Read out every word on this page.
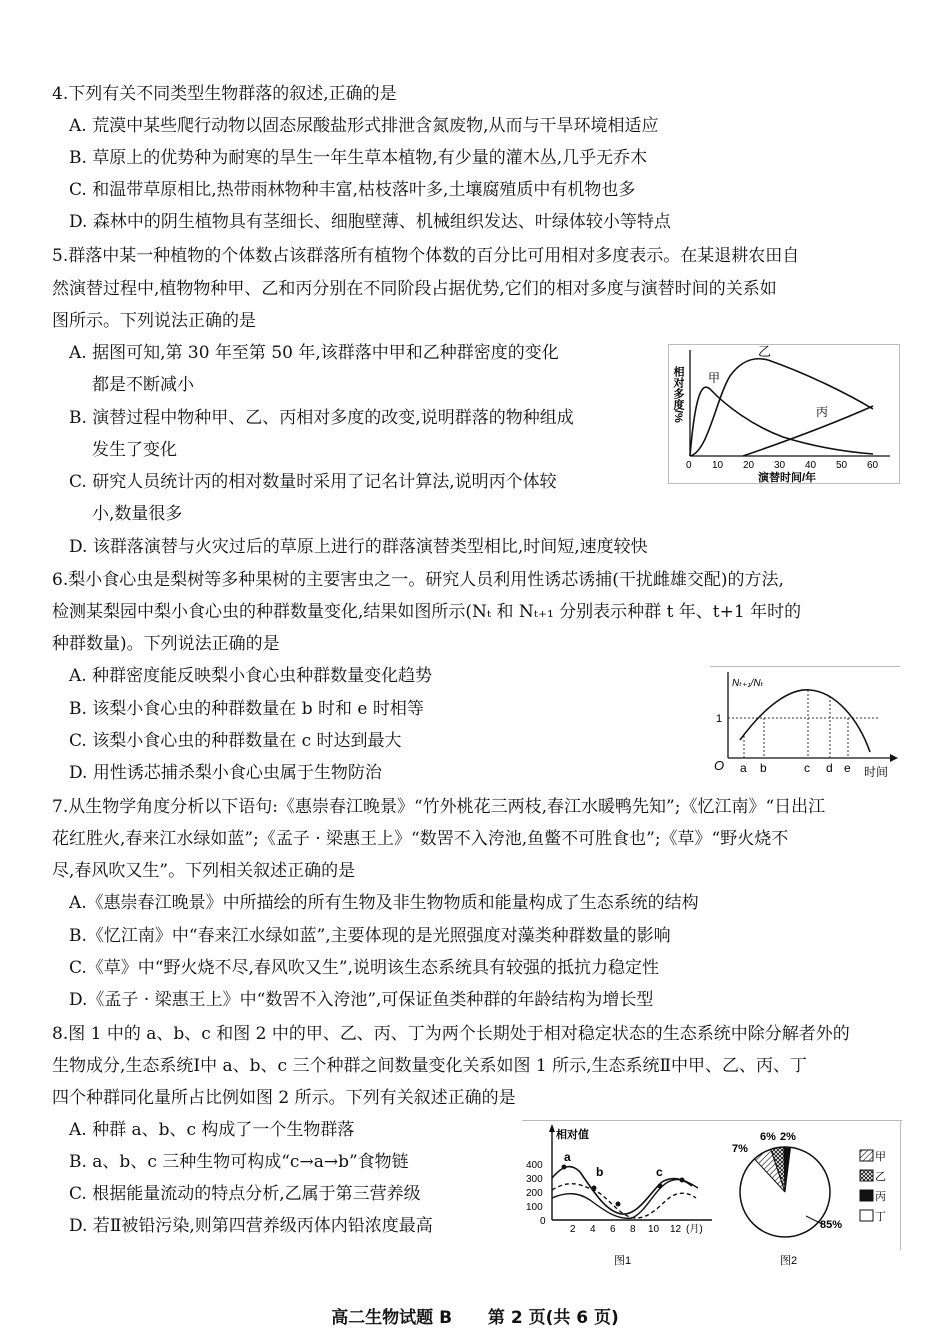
4.下列有关不同类型生物群落的叙述,正确的是
A. 荒漠中某些爬行动物以固态尿酸盐形式排泄含氮废物,从而与干旱环境相适应
B. 草原上的优势种为耐寒的旱生一年生草本植物,有少量的灌木丛,几乎无乔木
C. 和温带草原相比,热带雨林物种丰富,枯枝落叶多,土壤腐殖质中有机物也多
D. 森林中的阴生植物具有茎细长、细胞壁薄、机械组织发达、叶绿体较小等特点
5.群落中某一种植物的个体数占该群落所有植物个体数的百分比可用相对多度表示。在某退耕农田自
然演替过程中,植物物种甲、乙和丙分别在不同阶段占据优势,它们的相对多度与演替时间的关系如
图所示。下列说法正确的是
A. 据图可知,第 30 年至第 50 年,该群落中甲和乙种群密度的变化
都是不断减小
B. 演替过程中物种甲、乙、丙相对多度的改变,说明群落的物种组成
发生了变化
C. 研究人员统计丙的相对数量时采用了记名计算法,说明丙个体较
小,数量很多
D. 该群落演替与火灾过后的草原上进行的群落演替类型相比,时间短,速度较快
6.梨小食心虫是梨树等多种果树的主要害虫之一。研究人员利用性诱芯诱捕(干扰雌雄交配)的方法,
检测某梨园中梨小食心虫的种群数量变化,结果如图所示(Nₜ 和 Nₜ₊₁ 分别表示种群 t 年、t+1 年时的
种群数量)。下列说法正确的是
A. 种群密度能反映梨小食心虫种群数量变化趋势
B. 该梨小食心虫的种群数量在 b 时和 e 时相等
C. 该梨小食心虫的种群数量在 c 时达到最大
D. 用性诱芯捕杀梨小食心虫属于生物防治
7.从生物学角度分析以下语句:《惠崇春江晚景》“竹外桃花三两枝,春江水暖鸭先知”;《忆江南》“日出江
花红胜火,春来江水绿如蓝”;《孟子 · 梁惠王上》“数罟不入洿池,鱼鳖不可胜食也”;《草》“野火烧不
尽,春风吹又生”。下列相关叙述正确的是
A.《惠崇春江晚景》中所描绘的所有生物及非生物物质和能量构成了生态系统的结构
B.《忆江南》中“春来江水绿如蓝”,主要体现的是光照强度对藻类种群数量的影响
C.《草》中“野火烧不尽,春风吹又生”,说明该生态系统具有较强的抵抗力稳定性
D.《孟子 · 梁惠王上》中“数罟不入洿池”,可保证鱼类种群的年龄结构为增长型
8.图 1 中的 a、b、c 和图 2 中的甲、乙、丙、丁为两个长期处于相对稳定状态的生态系统中除分解者外的
生物成分,生态系统Ⅰ中 a、b、c 三个种群之间数量变化关系如图 1 所示,生态系统Ⅱ中甲、乙、丙、丁
四个种群同化量所占比例如图 2 所示。下列有关叙述正确的是
A. 种群 a、b、c 构成了一个生物群落
B. a、b、c 三种生物可构成“c→a→b”食物链
C. 根据能量流动的特点分析,乙属于第三营养级
D. 若Ⅱ被铅污染,则第四营养级丙体内铅浓度最高
甲
乙
丙
相对多度/%
0 10 20 30 40 50 60
演替时间/年
Nₜ₊₁/Nₜ
1
O a b	c d e 时间
相对值
400
300
200
100
0
2 4 6 8 10 12 (月)
a
b	c
图1
7%
6% 2%
85%
甲
乙
丙
丁
图2
高二生物试题 B 第 2 页(共 6 页)
